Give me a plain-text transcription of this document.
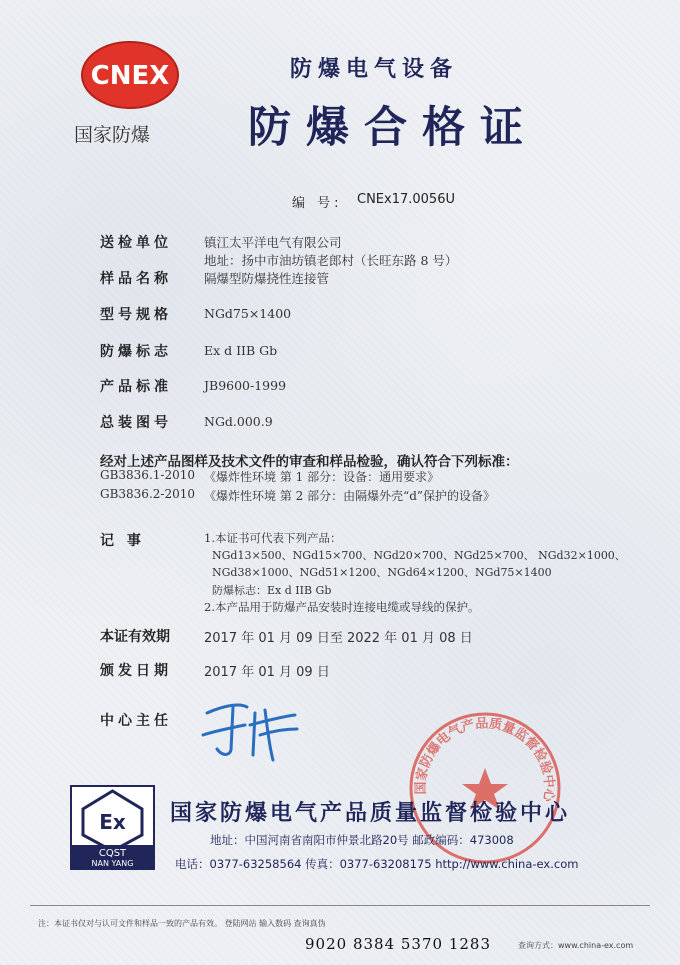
CNEX
国家防爆
防爆电气设备
防爆合格证
编 号: CNEx17.0056U
送检单位	镇江太平洋电气有限公司
地址：扬中市油坊镇老郎村（长旺东路 8 号）
样品名称	隔爆型防爆挠性连接管
型号规格	NGd75×1400
防爆标志	Ex d IIB Gb
产品标准	JB9600-1999
总装图号	NGd.000.9
经对上述产品图样及技术文件的审查和样品检验，确认符合下列标准：
GB3836.1-2010 《爆炸性环境 第 1 部分：设备：通用要求》
GB3836.2-2010 《爆炸性环境 第 2 部分：由隔爆外壳“d”保护的设备》
记 事	1.本证书可代表下列产品：
NGd13×500、NGd15×700、NGd20×700、NGd25×700、 NGd32×1000、
NGd38×1000、NGd51×1200、NGd64×1200、NGd75×1400
防爆标志：Ex d IIB Gb
2.本产品用于防爆产品安装时连接电缆或导线的保护。
本证有效期	2017 年 01 月 09 日至 2022 年 01 月 08 日
颁发日期 2017 年 01 月 09 日
中心主任
国家防爆电气产品质量监督检验中心
Ex
CQST
NAN YANG
国家防爆电气产品质量监督检验中心
地址：中国河南省南阳市仲景北路20号 邮政编码：473008
电话：0377-63258564 传真：0377-63208175 http://www.china-ex.com
注：本证书仅对与认可文件和样品一致的产品有效。 登陆网站 输入数码 查询真伪
9020 8384 5370 1283	查询方式：www.china-ex.com
